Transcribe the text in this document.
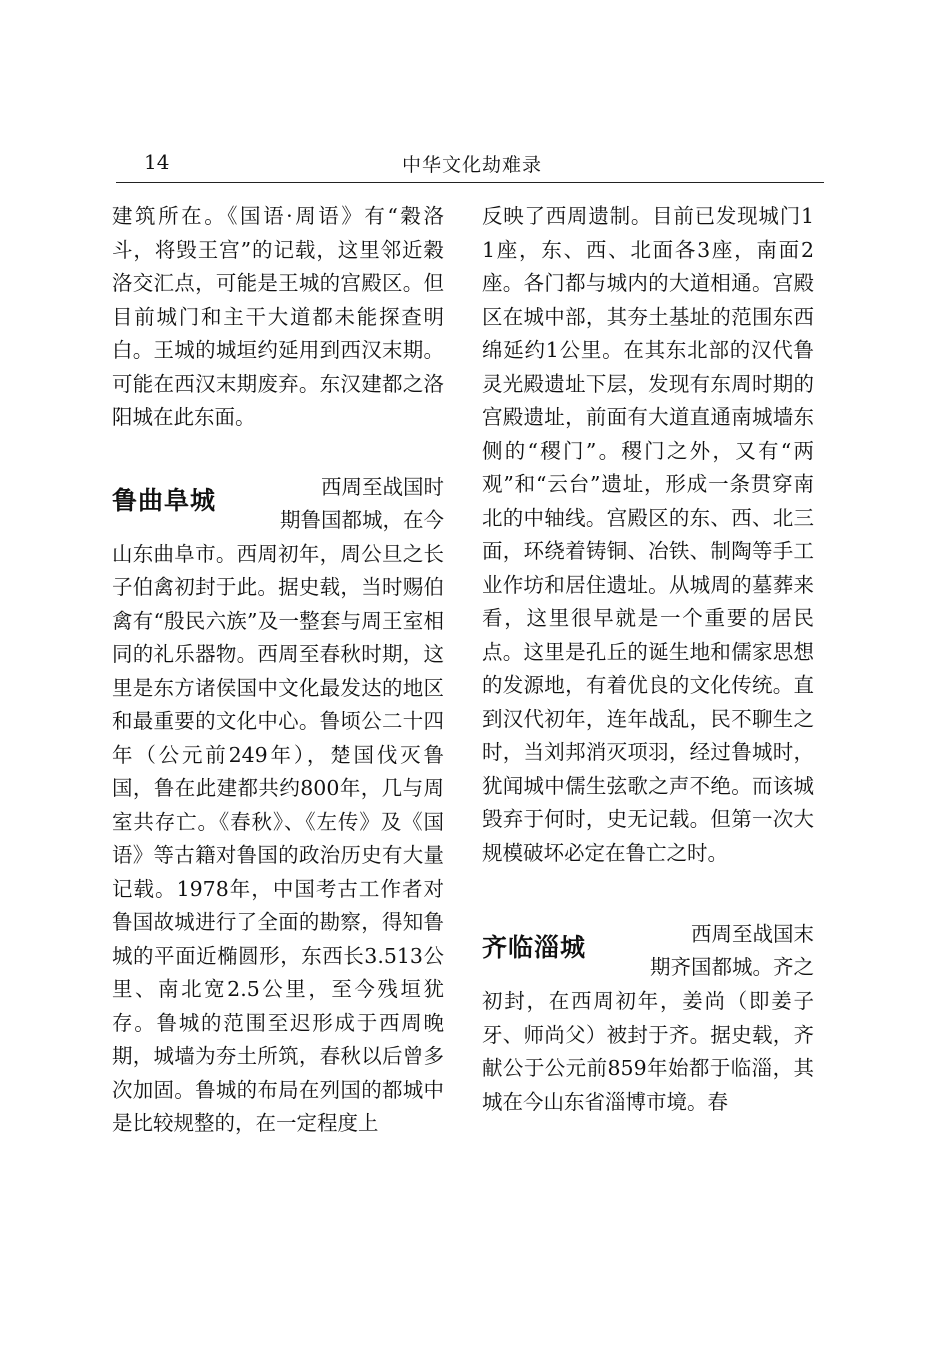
14	中华文化劫难录

建筑所在。《国语·周语》有“穀洛斗，将毁王宫”的记载，这里邻近穀洛交汇点，可能是王城的宫殿区。但目前城门和主干大道都未能探查明白。王城的城垣约延用到西汉末期。可能在西汉末期废弃。东汉建都之洛阳城在此东面。

鲁曲阜城	西周至战国时
期鲁国都城，在今

山东曲阜市。西周初年，周公旦之长子伯禽初封于此。据史载，当时赐伯禽有“殷民六族”及一整套与周王室相同的礼乐器物。西周至春秋时期，这里是东方诸侯国中文化最发达的地区和最重要的文化中心。鲁顷公二十四年（公元前249年），楚国伐灭鲁国，鲁在此建都共约800年，几与周室共存亡。《春秋》、《左传》及《国语》等古籍对鲁国的政治历史有大量记载。1978年，中国考古工作者对鲁国故城进行了全面的勘察，得知鲁城的平面近椭圆形，东西长3.513公里、南北宽2.5公里，至今残垣犹存。鲁城的范围至迟形成于西周晚期，城墙为夯土所筑，春秋以后曾多次加固。鲁城的布局在列国的都城中是比较规整的，在一定程度上

反映了西周遗制。目前已发现城门11座，东、西、北面各3座，南面2座。各门都与城内的大道相通。宫殿区在城中部，其夯土基址的范围东西绵延约1公里。在其东北部的汉代鲁灵光殿遗址下层，发现有东周时期的宫殿遗址，前面有大道直通南城墙东侧的“稷门”。稷门之外，又有“两观”和“云台”遗址，形成一条贯穿南北的中轴线。宫殿区的东、西、北三面，环绕着铸铜、冶铁、制陶等手工业作坊和居住遗址。从城周的墓葬来看，这里很早就是一个重要的居民点。这里是孔丘的诞生地和儒家思想的发源地，有着优良的文化传统。直到汉代初年，连年战乱，民不聊生之时，当刘邦消灭项羽，经过鲁城时，犹闻城中儒生弦歌之声不绝。而该城毁弃于何时，史无记载。但第一次大规模破坏必定在鲁亡之时。

齐临淄城	西周至战国末
期齐国都城。齐之

初封，在西周初年，姜尚（即姜子牙、师尚父）被封于齐。据史载，齐献公于公元前859年始都于临淄，其城在今山东省淄博市境。春
